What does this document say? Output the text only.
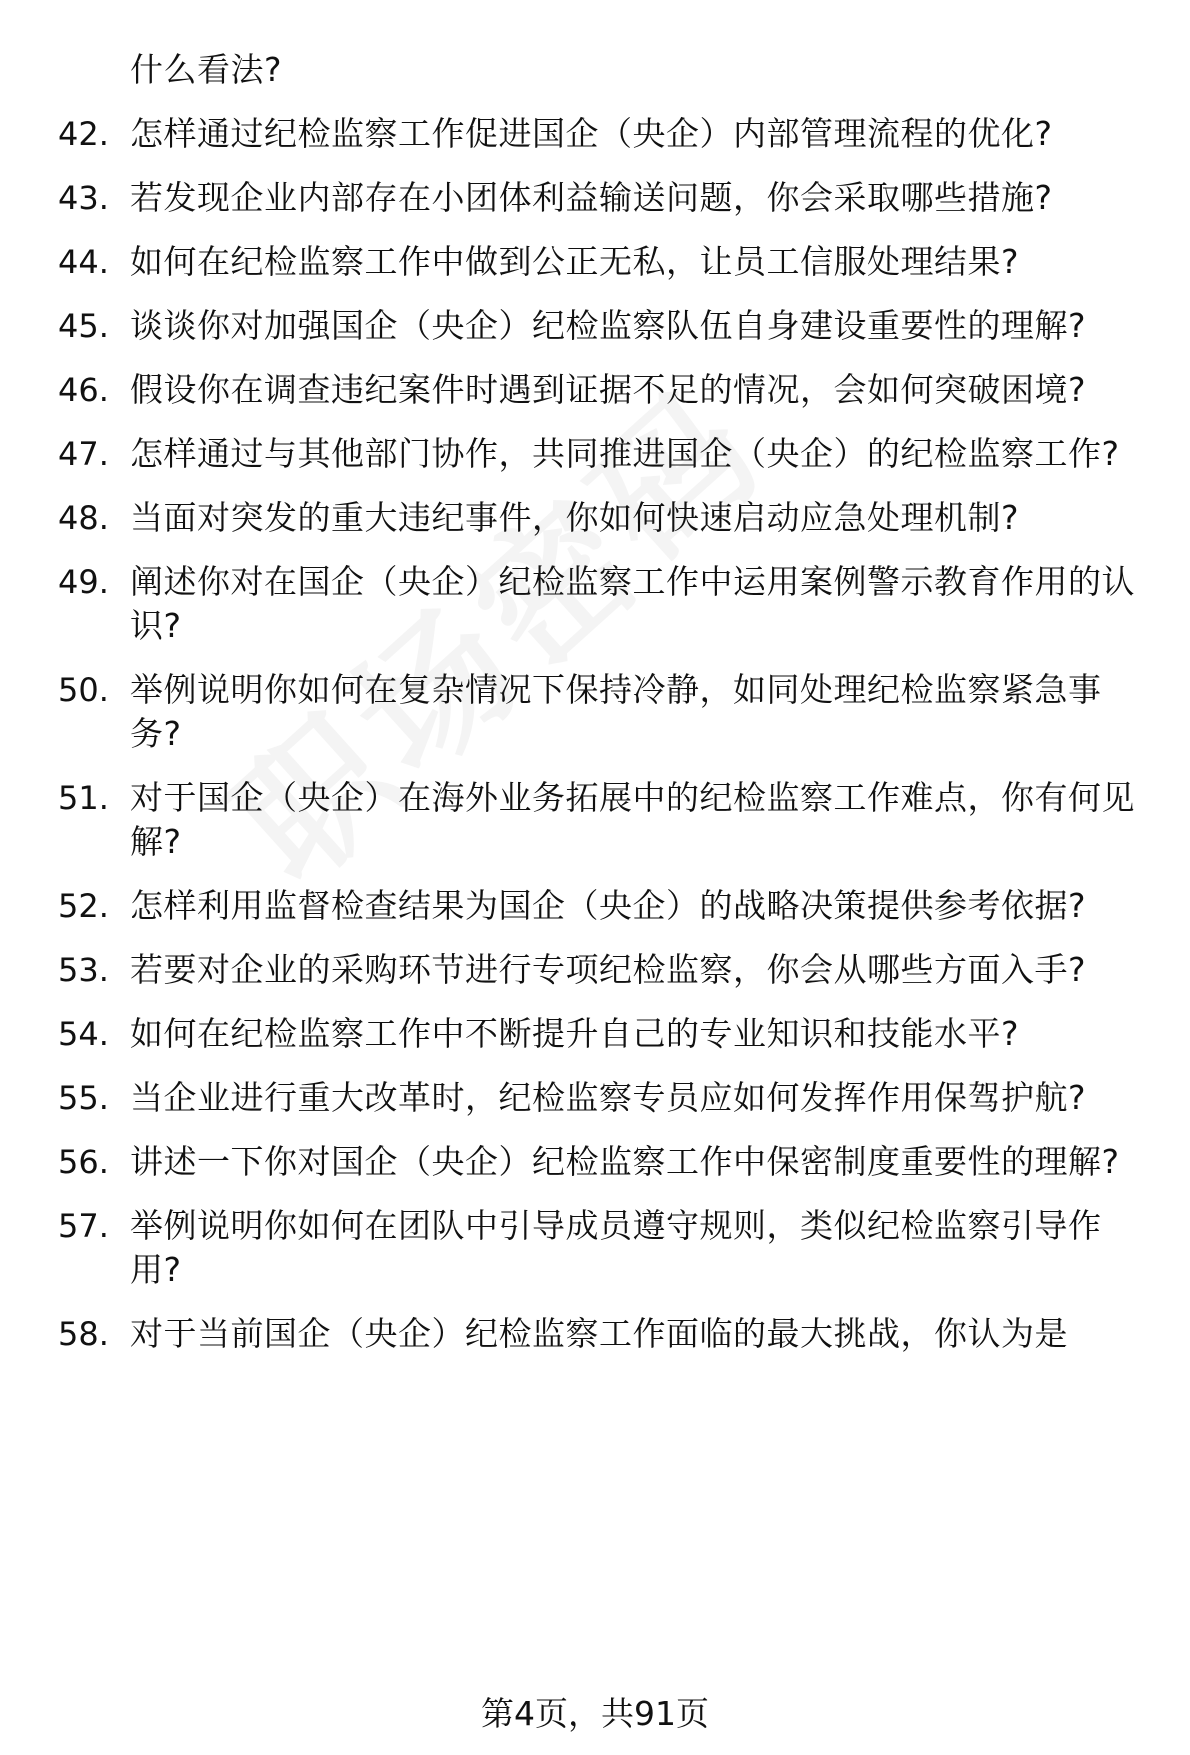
什么看法?
42. 怎样通过纪检监察工作促进国企（央企）内部管理流程的优化?
43. 若发现企业内部存在小团体利益输送问题，你会采取哪些措施?
44. 如何在纪检监察工作中做到公正无私，让员工信服处理结果?
45. 谈谈你对加强国企（央企）纪检监察队伍自身建设重要性的理解?
46. 假设你在调查违纪案件时遇到证据不足的情况，会如何突破困境?
47. 怎样通过与其他部门协作，共同推进国企（央企）的纪检监察工作?
48. 当面对突发的重大违纪事件，你如何快速启动应急处理机制?
49. 阐述你对在国企（央企）纪检监察工作中运用案例警示教育作用的认识?
50. 举例说明你如何在复杂情况下保持冷静，如同处理纪检监察紧急事务?
51. 对于国企（央企）在海外业务拓展中的纪检监察工作难点，你有何见解?
52. 怎样利用监督检查结果为国企（央企）的战略决策提供参考依据?
53. 若要对企业的采购环节进行专项纪检监察，你会从哪些方面入手?
54. 如何在纪检监察工作中不断提升自己的专业知识和技能水平?
55. 当企业进行重大改革时，纪检监察专员应如何发挥作用保驾护航?
56. 讲述一下你对国企（央企）纪检监察工作中保密制度重要性的理解?
57. 举例说明你如何在团队中引导成员遵守规则，类似纪检监察引导作用?
58. 对于当前国企（央企）纪检监察工作面临的最大挑战，你认为是
第4页，共91页
